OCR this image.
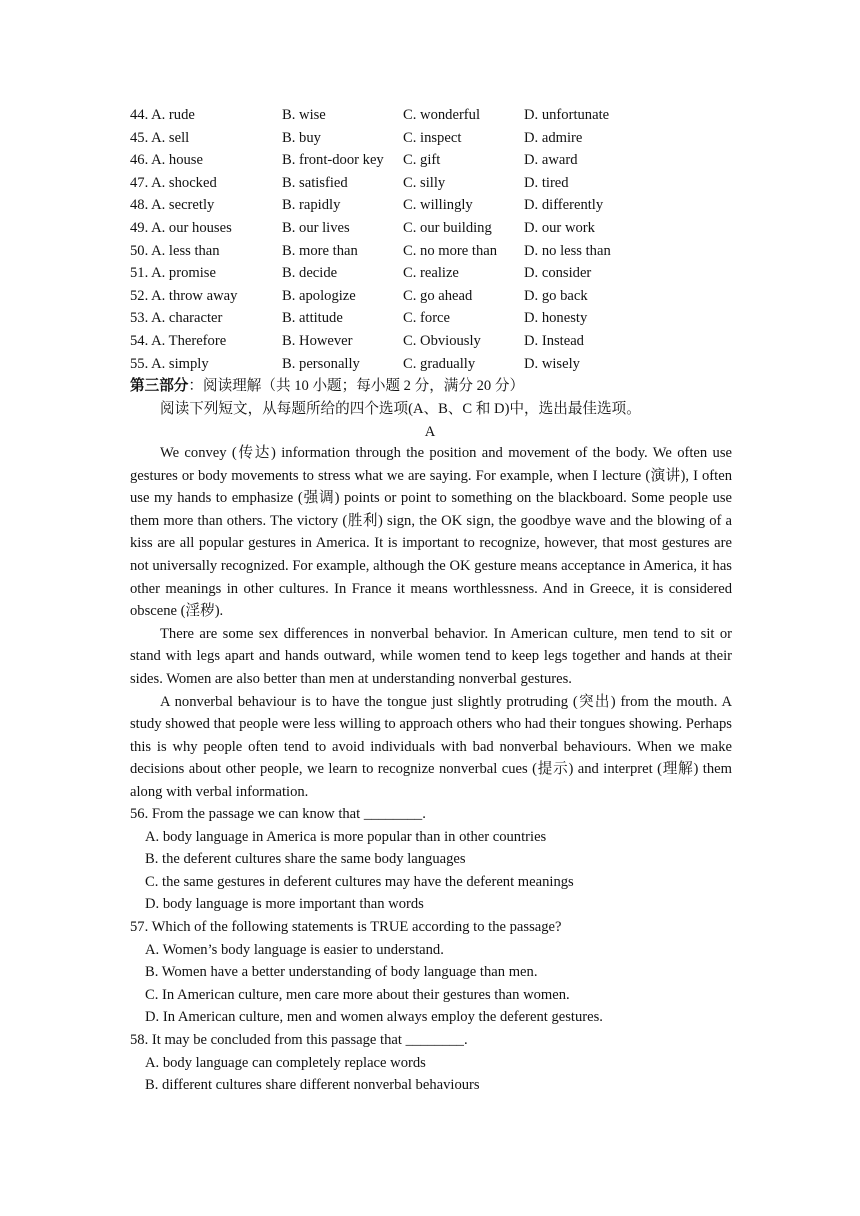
44. A. rude	B. wise	C. wonderful	D. unfortunate
45. A. sell	B. buy	C. inspect	D. admire
46. A. house	B. front-door key C. gift	D. award
47. A. shocked	B. satisfied	C. silly	D. tired
48. A. secretly	B. rapidly	C. willingly	D. differently
49. A. our houses	B. our lives	C. our building D. our work
50. A. less than	B. more than	C. no more than D. no less than
51. A. promise	B. decide	C. realize	D. consider
52. A. throw away	B. apologize	C. go ahead	D. go back
53. A. character	B. attitude	C. force	D. honesty
54. A. Therefore	B. However	C. Obviously	D. Instead
55. A. simply	B. personally	C. gradually	D. wisely
第三部分：阅读理解（共 10 小题；每小题 2 分，满分 20 分）
阅读下列短文，从每题所给的四个选项(A、B、C 和 D)中，选出最佳选项。
A

We convey (传达) information through the position and movement of the body. We often use gestures or body movements to stress what we are saying. For example, when I lecture (演讲), I often use my hands to emphasize (强调) points or point to something on the blackboard. Some people use them more than others. The victory (胜利) sign, the OK sign, the goodbye wave and the blowing of a kiss are all popular gestures in America. It is important to recognize, however, that most gestures are not universally recognized. For example, although the OK gesture means acceptance in America, it has other meanings in other cultures. In France it means worthlessness. And in Greece, it is considered obscene (淫秽).

There are some sex differences in nonverbal behavior. In American culture, men tend to sit or stand with legs apart and hands outward, while women tend to keep legs together and hands at their sides. Women are also better than men at understanding nonverbal gestures.

A nonverbal behaviour is to have the tongue just slightly protruding (突出) from the mouth. A study showed that people were less willing to approach others who had their tongues showing. Perhaps this is why people often tend to avoid individuals with bad nonverbal behaviours. When we make decisions about other people, we learn to recognize nonverbal cues (提示) and interpret (理解) them along with verbal information.

56. From the passage we can know that ________.

A. body language in America is more popular than in other countries

B. the deferent cultures share the same body languages

C. the same gestures in deferent cultures may have the deferent meanings

D. body language is more important than words

57. Which of the following statements is TRUE according to the passage?

A. Women’s body language is easier to understand.

B. Women have a better understanding of body language than men.

C. In American culture, men care more about their gestures than women.

D. In American culture, men and women always employ the deferent gestures.

58. It may be concluded from this passage that ________.

A. body language can completely replace words

B. different cultures share different nonverbal behaviours
